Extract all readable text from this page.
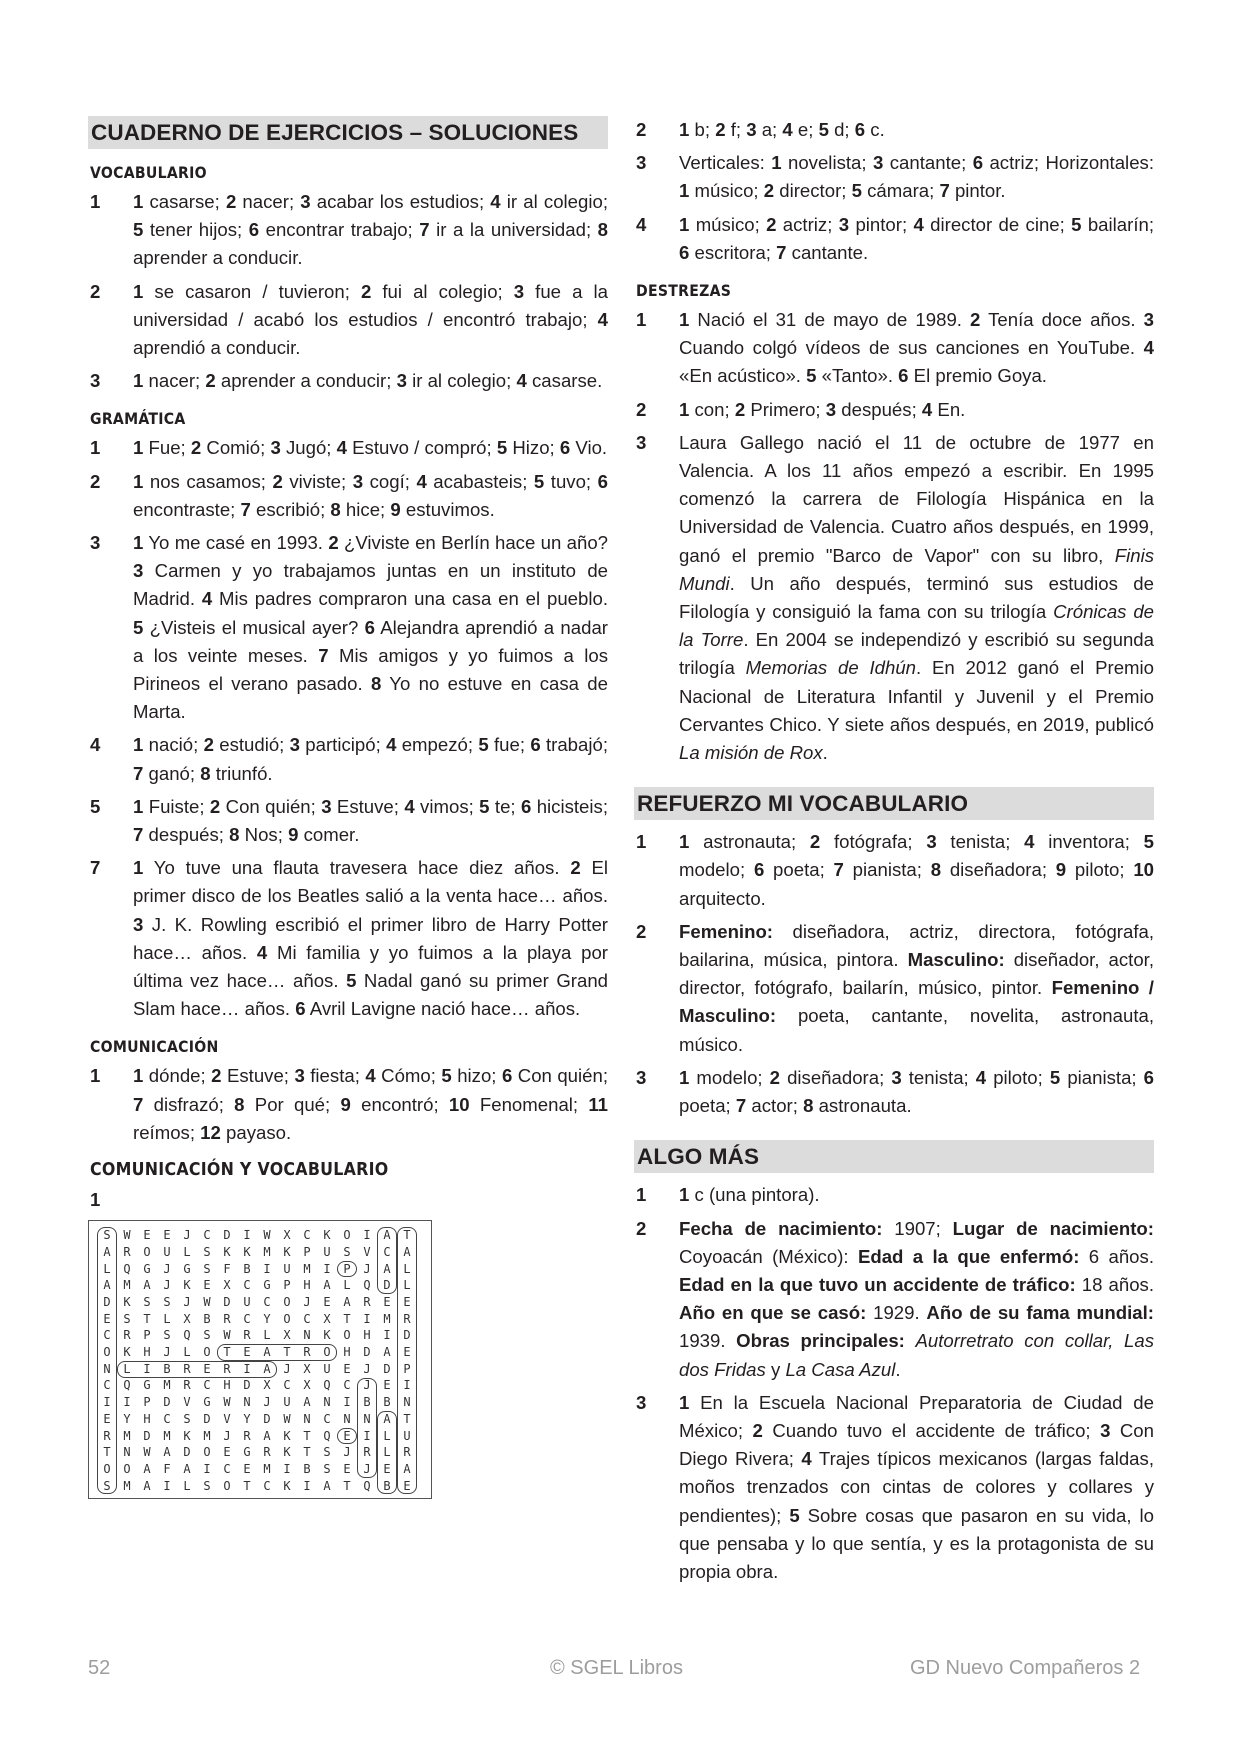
CUADERNO DE EJERCICIOS – SOLUCIONES
VOCABULARIO
1	1 casarse; 2 nacer; 3 acabar los estudios; 4 ir al colegio; 5 tener hijos; 6 encontrar trabajo; 7 ir a la universidad; 8 aprender a conducir.
2	1 se casaron / tuvieron; 2 fui al colegio; 3 fue a la universidad / acabó los estudios / encontró trabajo; 4 aprendió a conducir.
3	1 nacer; 2 aprender a conducir; 3 ir al colegio; 4 casarse.
GRAMÁTICA
1	1 Fue; 2 Comió; 3 Jugó; 4 Estuvo / compró; 5 Hizo; 6 Vio.
2	1 nos casamos; 2 viviste; 3 cogí; 4 acabasteis; 5 tuvo; 6 encontraste; 7 escribió; 8 hice; 9 estuvimos.
3	1 Yo me casé en 1993. 2 ¿Viviste en Berlín hace un año? 3 Carmen y yo trabajamos juntas en un instituto de Madrid. 4 Mis padres compraron una casa en el pueblo. 5 ¿Visteis el musical ayer? 6 Alejandra aprendió a nadar a los veinte meses. 7 Mis amigos y yo fuimos a los Pirineos el verano pasado. 8 Yo no estuve en casa de Marta.
4	1 nació; 2 estudió; 3 participó; 4 empezó; 5 fue; 6 trabajó; 7 ganó; 8 triunfó.
5	1 Fuiste; 2 Con quién; 3 Estuve; 4 vimos; 5 te; 6 hicisteis; 7 después; 8 Nos; 9 comer.
7	1 Yo tuve una flauta travesera hace diez años. 2 El primer disco de los Beatles salió a la venta hace… años. 3 J. K. Rowling escribió el primer libro de Harry Potter hace… años. 4 Mi familia y yo fuimos a la playa por última vez hace… años. 5 Nadal ganó su primer Grand Slam hace… años. 6 Avril Lavigne nació hace… años.
COMUNICACIÓN
1	1 dónde; 2 Estuve; 3 fiesta; 4 Cómo; 5 hizo; 6 Con quién; 7 disfrazó; 8 Por qué; 9 encontró; 10 Fenomenal; 11 reímos; 12 payaso.
COMUNICACIÓN Y VOCABULARIO
1
S	W	E	E	J	C	D	I	W	X	C	K	O	I	A	T
A	R	O	U	L	S	K	K	M	K	P	U	S	V	C	A
L	Q	G	J	G	S	F	B	I	U	M	I	P	J	A	L
A	M	A	J	K	E	X	C	G	P	H	A	L	Q	D	L
D	K	S	S	J	W	D	U	C	O	J	E	A	R	E	E
E	S	T	L	X	B	R	C	Y	O	C	X	T	I	M	R
C	R	P	S	Q	S	W	R	L	X	N	K	O	H	I	D
O	K	H	J	L	O	T	E	A	T	R	O	H	D	A	E
N	L	I	B	R	E	R	I	A	J	X	U	E	J	D	P
C	Q	G	M	R	C	H	D	X	C	X	Q	C	J	E	I
I	I	P	D	V	G	W	N	J	U	A	N	I	B	B	N
E	Y	H	C	S	D	V	Y	D	W	N	C	N	N	A	T
R	M	D	M	K	M	J	R	A	K	T	Q	E	I	L	U
T	N	W	A	D	O	E	G	R	K	T	S	J	R	L	R
O	O	A	F	A	I	C	E	M	I	B	S	E	J	E	A
S	M	A	I	L	S	O	T	C	K	I	A	T	Q	B	E
2	1 b; 2 f; 3 a; 4 e; 5 d; 6 c.
3	Verticales: 1 novelista; 3 cantante; 6 actriz; Horizontales: 1 músico; 2 director; 5 cámara; 7 pintor.
4	1 músico; 2 actriz; 3 pintor; 4 director de cine; 5 bailarín; 6 escritora; 7 cantante.
DESTREZAS
1	1 Nació el 31 de mayo de 1989. 2 Tenía doce años. 3 Cuando colgó vídeos de sus canciones en YouTube. 4 «En acústico». 5 «Tanto». 6 El premio Goya.
2	1 con; 2 Primero; 3 después; 4 En.
3	Laura Gallego nació el 11 de octubre de 1977 en Valencia. A los 11 años empezó a escribir. En 1995 comenzó la carrera de Filología Hispánica en la Universidad de Valencia. Cuatro años después, en 1999, ganó el premio "Barco de Vapor" con su libro, Finis Mundi. Un año después, terminó sus estudios de Filología y consiguió la fama con su trilogía Crónicas de la Torre. En 2004 se independizó y escribió su segunda trilogía Memorias de Idhún. En 2012 ganó el Premio Nacional de Literatura Infantil y Juvenil y el Premio Cervantes Chico. Y siete años después, en 2019, publicó La misión de Rox.
REFUERZO MI VOCABULARIO
1	1 astronauta; 2 fotógrafa; 3 tenista; 4 inventora; 5 modelo; 6 poeta; 7 pianista; 8 diseñadora; 9 piloto; 10 arquitecto.
2	Femenino: diseñadora, actriz, directora, fotógrafa, bailarina, música, pintora. Masculino: diseñador, actor, director, fotógrafo, bailarín, músico, pintor. Femenino / Masculino: poeta, cantante, novelita, astronauta, músico.
3	1 modelo; 2 diseñadora; 3 tenista; 4 piloto; 5 pianista; 6 poeta; 7 actor; 8 astronauta.
ALGO MÁS
1	1 c (una pintora).
2	Fecha de nacimiento: 1907; Lugar de nacimiento: Coyoacán (México): Edad a la que enfermó: 6 años. Edad en la que tuvo un accidente de tráfico: 18 años. Año en que se casó: 1929. Año de su fama mundial: 1939. Obras principales: Autorretrato con collar, Las dos Fridas y La Casa Azul.
3	1 En la Escuela Nacional Preparatoria de Ciudad de México; 2 Cuando tuvo el accidente de tráfico; 3 Con Diego Rivera; 4 Trajes típicos mexicanos (largas faldas, moños trenzados con cintas de colores y collares y pendientes); 5 Sobre cosas que pasaron en su vida, lo que pensaba y lo que sentía, y es la protagonista de su propia obra.
52	© SGEL Libros	GD Nuevo Compañeros 2
